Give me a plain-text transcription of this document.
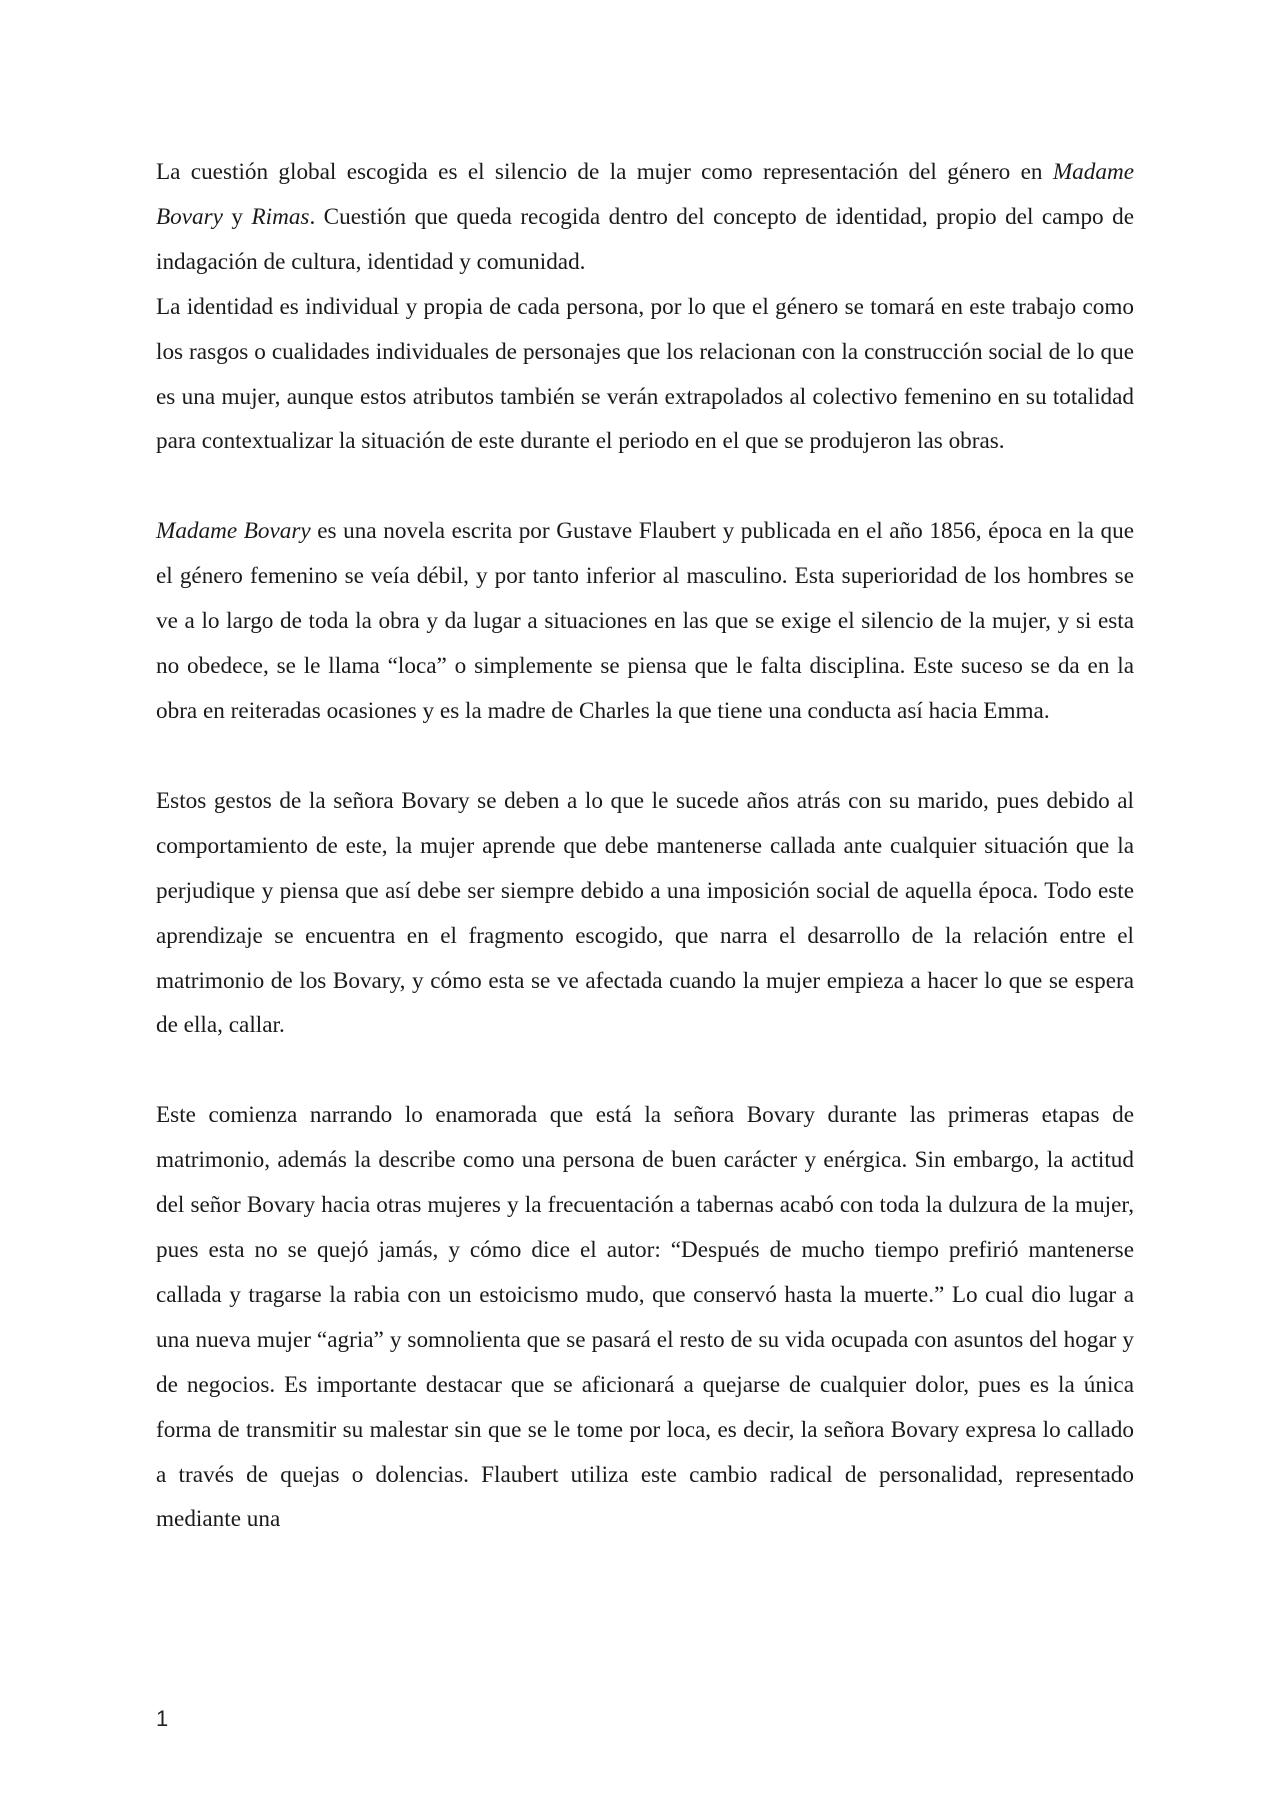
La cuestión global escogida es el silencio de la mujer como representación del género en Madame Bovary y Rimas. Cuestión que queda recogida dentro del concepto de identidad, propio del campo de indagación de cultura, identidad y comunidad.

La identidad es individual y propia de cada persona, por lo que el género se tomará en este trabajo como los rasgos o cualidades individuales de personajes que los relacionan con la construcción social de lo que es una mujer, aunque estos atributos también se verán extrapolados al colectivo femenino en su totalidad para contextualizar la situación de este durante el periodo en el que se produjeron las obras.

Madame Bovary es una novela escrita por Gustave Flaubert y publicada en el año 1856, época en la que el género femenino se veía débil, y por tanto inferior al masculino. Esta superioridad de los hombres se ve a lo largo de toda la obra y da lugar a situaciones en las que se exige el silencio de la mujer, y si esta no obedece, se le llama “loca” o simplemente se piensa que le falta disciplina. Este suceso se da en la obra en reiteradas ocasiones y es la madre de Charles la que tiene una conducta así hacia Emma.

Estos gestos de la señora Bovary se deben a lo que le sucede años atrás con su marido, pues debido al comportamiento de este, la mujer aprende que debe mantenerse callada ante cualquier situación que la perjudique y piensa que así debe ser siempre debido a una imposición social de aquella época. Todo este aprendizaje se encuentra en el fragmento escogido, que narra el desarrollo de la relación entre el matrimonio de los Bovary, y cómo esta se ve afectada cuando la mujer empieza a hacer lo que se espera de ella, callar.

Este comienza narrando lo enamorada que está la señora Bovary durante las primeras etapas de matrimonio, además la describe como una persona de buen carácter y enérgica. Sin embargo, la actitud del señor Bovary hacia otras mujeres y la frecuentación a tabernas acabó con toda la dulzura de la mujer, pues esta no se quejó jamás, y cómo dice el autor: “Después de mucho tiempo prefirió mantenerse callada y tragarse la rabia con un estoicismo mudo, que conservó hasta la muerte.” Lo cual dio lugar a una nueva mujer “agria” y somnolienta que se pasará el resto de su vida ocupada con asuntos del hogar y de negocios. Es importante destacar que se aficionará a quejarse de cualquier dolor, pues es la única forma de transmitir su malestar sin que se le tome por loca, es decir, la señora Bovary expresa lo callado a través de quejas o dolencias. Flaubert utiliza este cambio radical de personalidad, representado mediante una

1
